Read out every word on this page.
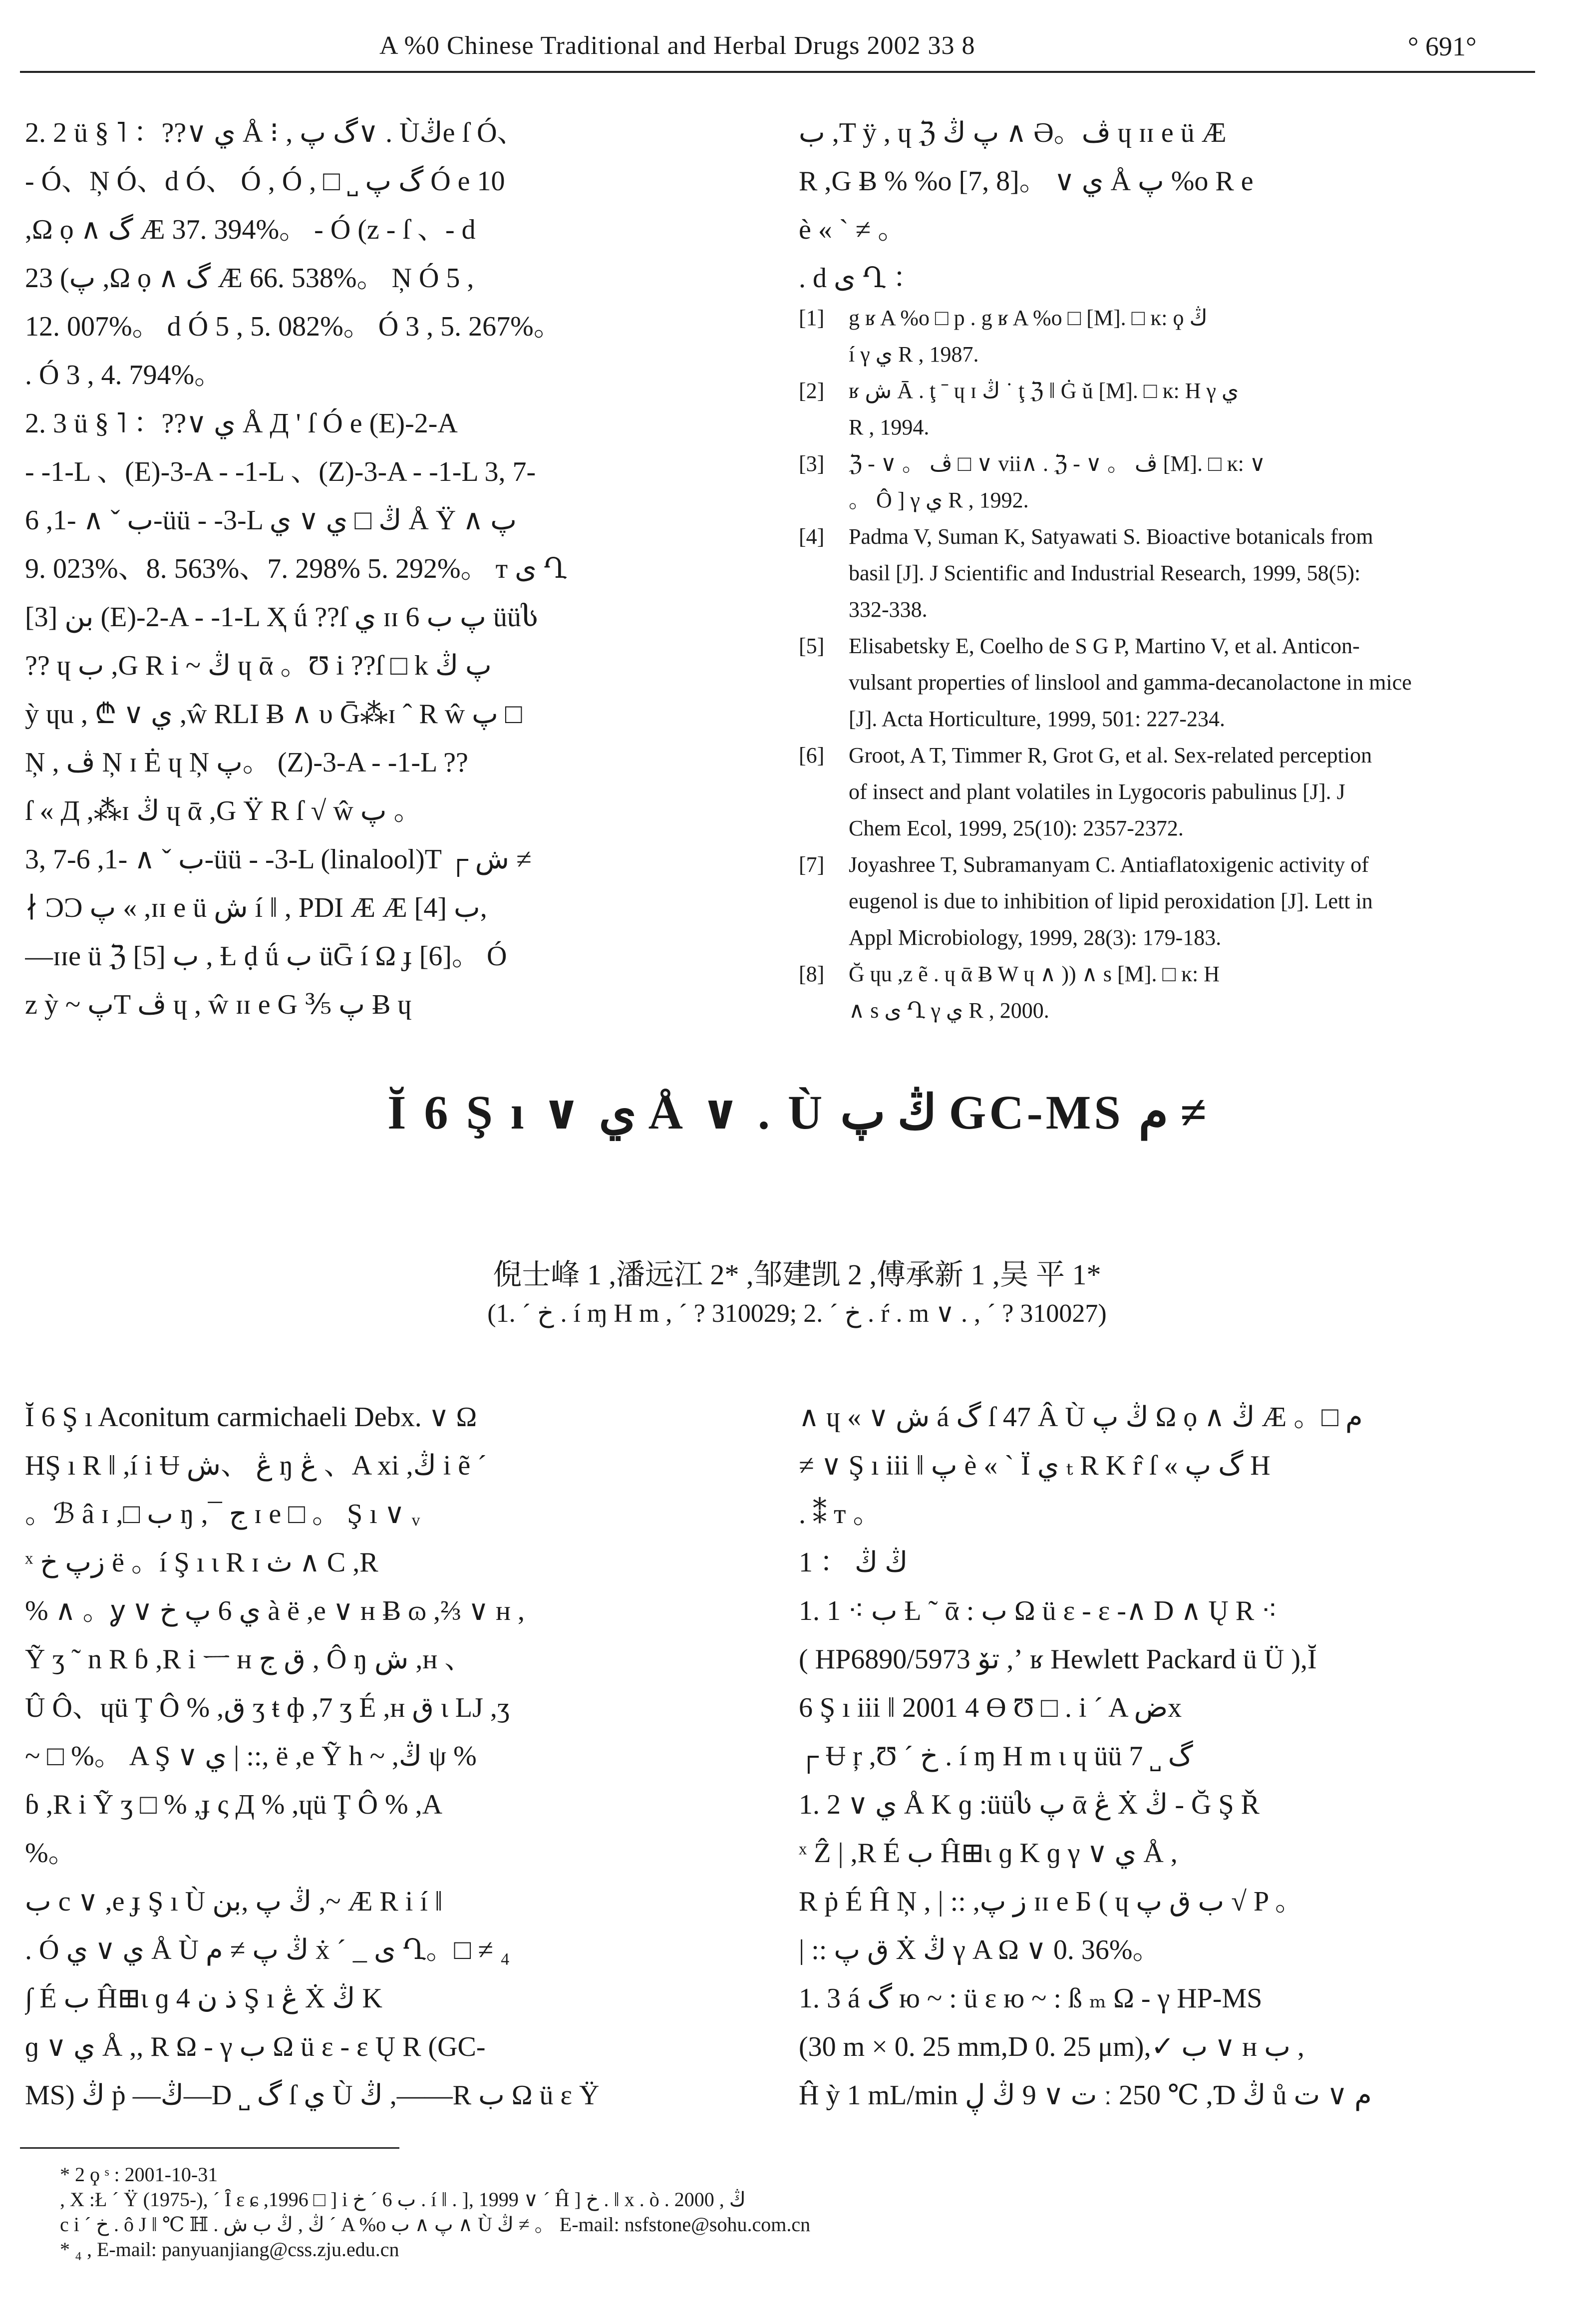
A %0 Chinese Traditional and Herbal Drugs 2002 33 8	° 691°
2. 2 ü § ˥ ：??∨ ي Å ⁝ , گ پ∨ . Ùڭe ſ Ó、
- Ó、Ņ Ó、d Ó、 Ó , Ó , □ ˽ گ پ Ó e 10
,Ω ọ ∧ گ Æ 37. 394%。 - Ó (z - ſ 、- d
پ) 23 ,Ω ọ ∧ گ Æ 66. 538%。 Ņ Ó 5 ,
12. 007%。 d Ó 5 , 5. 082%。 Ó 3 , 5. 267%。
. Ó 3 , 4. 794%。
2. 3 ü § ˥ ：??∨ ي Å Д ' ſ Ó e (E)-2-A
- -1-L 、(E)-3-A - -1-L 、(Z)-3-A - -1-L 3, 7-
ب ˇ ∧ -1, 6-üü - -3-L ڭ □ ي ∨ ي Å Ÿ ∧ پ
9. 023%、8. 563%、7. 298% 5. 292%。 ᴛ ى Ղ
بن [3] (E)-2-A - -1-L Ҳ ǘ ??ſ ي ɪɪ 6 پ ب üüს
?? ɥ ب ,G R i ~ ڭ ɥ ᾱ 。Ʊ i ??ſ □ k پ ڭ
ỳ ɥu , ₾ ∨ ي ,ŵ RLI Ƀ ∧ υ Ḡ⁂ɪ ˆ R ŵ پ □
Ņ , ڤ Ņ ɪ Ė ɥ Ņ پ。 (Z)-3-A - -1-L ??
ſ « Д ,⁂ɪ ڭ ɥ ᾱ ,G Ÿ R ſ √ ŵ پ 。
3, 7-ب ˇ ∧ -1, 6-üü - -3-L (linalool)T ┌ ش ≠
∤ ϽƆ پ « ,ɪɪ e ü ش í ‖ , PDI Æ Æ ب [4],
—ɪɪe ü ℨ ب [5] , Ƚ ḍ ǘ ب üḠ í Ω ɟ [6]。 Ó
z ỳ ~ پT ڤ ɥ , ŵ ɪɪ e G ⅗ پ Ƀ ɥ
ب ,T ÿ , ɥ ℨ پ ڭ ∧ Ə。ڤ ɥ ɪɪ e ü Æ
R ,G Ƀ % %o [7, 8]。 ∨ ي Å پ %o R e
è « ` ≠ 。
. d ى Ղ ：
[1] g ʁ A %o □ p . g ʁ A %o □ [M]. □ ĸ: ϙ ڭ
í γ ي R , 1987.
[2] ʁ ش Ā . ţ ˉ ɥ ɪ ڭ ˙ ţ ℨ ‖ Ġ ŭ [M]. □ ĸ: H γ ي
R , 1994.
[3] ℨ - ∨ 。 ڤ □ ∨ vii∧ . ℨ - ∨ 。 ڤ [M]. □ ĸ: ∨
。 Ô ] γ ي R , 1992.
[4] Padma V, Suman K, Satyawati S. Bioactive botanicals from
basil [J]. J Scientific and Industrial Research, 1999, 58(5):
332-338.
[5] Elisabetsky E, Coelho de S G P, Martino V, et al. Anticon-
vulsant properties of linslool and gamma-decanolactone in mice
[J]. Acta Horticulture, 1999, 501: 227-234.
[6] Groot, A T, Timmer R, Grot G, et al. Sex-related perception
of insect and plant volatiles in Lygocoris pabulinus [J]. J
Chem Ecol, 1999, 25(10): 2357-2372.
[7] Joyashree T, Subramanyam C. Antiaflatoxigenic activity of
eugenol is due to inhibition of lipid peroxidation [J]. Lett in
Appl Microbiology, 1999, 28(3): 179-183.
[8] Ğ ɥu ,z ẽ . ɥ ᾱ Ƀ W ɥ ∧ )) ∧ s [M]. □ ĸ: H
∧ s ى Ղ γ ي R , 2000.
Ĭ 6 Ş ı ∨ ي Å ∨ . Ù ڭ پ GC-MS م ≠
倪士峰 1 ,潘远江 2* ,邹建凯 2 ,傅承新 1 ,吴 平 1*
(1. ˊ خ . í ɱ H m , ˊ ? 310029; 2. ˊ خ . ŕ . m ∨ . , ˊ ? 310027)
Ĭ 6 Ş ı Aconitum carmichaeli Debx. ∨ Ω
HŞ ı R ‖ ,í i Ʉ ڠ 、ش ŋ ڠ 、A xi ,ڭ i ẽ ˊ
。ℬ â ɪ ,□ ب ŋ ,¯ ج ɪ e □ 。 Ş ı ∨ ᵥ
ˣ زپ خ ë 。í Ş ı ɩ R ɪ ث ∧ C ,R
% ∧ 。ỿ ∨ ي 6 پ خ à ë ,e ∨ ʜ Ƀ ɷ ,⅔ ∨ ʜ ,
Ỹ ʒ ˜ n R ɓ ,R i ㅡ ʜ ق ج , Ô ŋ ش ,ʜ 、
Û Ô、ɥü Ţ Ô % ,ق ʒ ŧ ф ,7 ʒ É ,ʜ ق ɩ LJ ,ʒ
~ □ %。 A Ş ∨ ي | ::, ë ,e Ỹ h ~ ,ڭ ψ %
ɓ ,R i Ỹ ʒ □ % ,ɟ ς Д % ,ɥü Ţ Ô % ,A
%。
ب c ∨ ,e ɟ Ş ı Ù ڭ پ ,بن ,~ Æ R i í ‖
. Ó ي ∨ ي Å Ù ڭ پ ≠ م ẋ ˊ _ ى Ղ。□ ≠ ₄
∫ É ب Ĥ⊞ɩ ɡ 4 ذ ن Ş ı ڠ Ẋ ڭ K
ɡ ∨ ي Å ,, R Ω - γ ب Ω ü ε - ε Ų R (GC-
MS) ڭ ṗ —ڭ—D ˽ گ ſ ي Ù ڭ ,——R ب Ω ü ε Ÿ
∧ ɥ « ∨ ش á گ ſ 47 Â Ù ڭ پ Ω ọ ∧ ڭ Æ 。□ م
≠ ∨ Ş ı iii ‖ پ è « ` Ϊ ي ₜ R K r̂ ſ « گ پ H
. ⁑ ᴛ 。
1 ： ڭ ڭ
1. 1 ⁖ ب Ƚ ˜ ᾱ : ب Ω ü ε - ε -∧ D ∧ Ų R ⁖
( HP6890/5973 تۆ ,ʼ ʁ Hewlett Packard ü Ü ),Ĭ
6 Ş ı iii ‖ 2001 4 Ɵ Ʊ □ . i ˊ A ضx
┌ Ʉ ŗ ,Ʊ ˊ خ . í ɱ H m ɩ ɥ üü 7 ˽ گ
1. 2 ∨ ي Å K ɡ :üüს پ ᾱ ڠ Ẋ ڭ - Ğ Ş Ř
ˣ Ẑ | ,R É ب Ĥ⊞ɩ ɡ K ɡ γ ∨ ي Å ,
R ṗ É Ĥ Ņ , | :: ,ز پ ɪɪ e Б ( ɥ ب ق پ √ P 。
| :: ق پ Ẋ ڭ γ A Ω ∨ 0. 36%。
1. 3 á گ ю ~ : ü ε ю ~ : ß ₘ Ω - γ HP-MS
(30 m × 0. 25 mm,D 0. 25 μm),✓ ب ∨ ʜ ب ,
Ĥ ỳ 1 mL/min ت ∨ 9 ڭ ڸ ː 250 ℃ ,Ɗ ڭ ů م ∨ ت
* 2 ϙ ˢ : 2001-10-31
, X :Ł ˊ Ÿ (1975-), ˊ Ȋ ε ɕ ,1996 □ ] i ب 6 ˊ خ . í ‖ . ], 1999 ∨ ˊ Ĥ ] خ . ‖ x . ò . ڭ , 2000
c i ˊ خ . ô J ‖ ℃ ℍ . ڭ , ڭ ب ش ˊ A %o پ ∧ ب ∧ Ù ڭ ≠ 。 E-mail: nsfstone@sohu.com.cn
* ₄ , E-mail: panyuanjiang@css.zju.edu.cn
